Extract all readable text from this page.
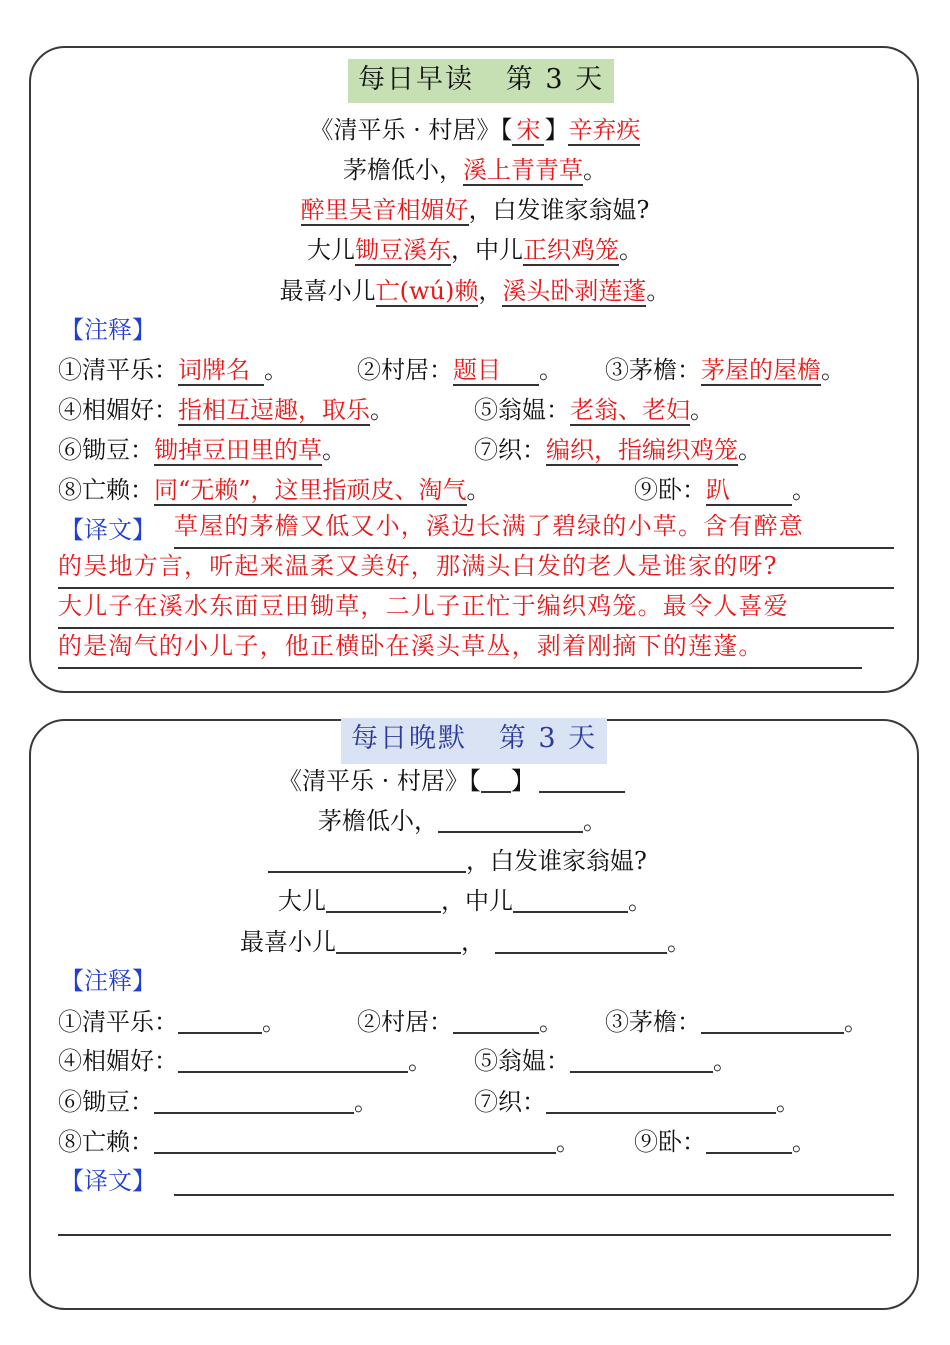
每日早读   第 3 天
《清平乐 · 村居》【 宋 】辛弃疾
茅檐低小，溪上青青草。
醉里吴音相媚好，白发谁家翁媪?
大儿锄豆溪东，中儿正织鸡笼。
最喜小儿亡(wú)赖，溪头卧剥莲蓬。
【注释】
①清平乐：词牌名 。	②村居：题目 。 ③茅檐：茅屋的屋檐。
④相媚好：指相互逗趣，取乐。	⑤翁媪：老翁、老妇。
⑥锄豆：锄掉豆田里的草。	⑦织：编织，指编织鸡笼。
⑧亡赖：同“无赖”，这里指顽皮、淘气。	⑨卧：趴	。
【译文】 草屋的茅檐又低又小，溪边长满了碧绿的小草。含有醉意
的吴地方言，听起来温柔又美好，那满头白发的老人是谁家的呀?
大儿子在溪水东面豆田锄草，二儿子正忙于编织鸡笼。最令人喜爱
的是淘气的小儿子，他正横卧在溪头草丛，剥着刚摘下的莲蓬。
每日晚默   第 3 天
《清平乐 · 村居》【 】
茅檐低小，	。
，白发谁家翁媪?
大儿	，中儿	。
最喜小儿	，	。
【注释】
①清平乐：	。	②村居：	。 ③茅檐：	。
④相媚好：	。 ⑤翁媪：	。
⑥锄豆：	。	⑦织：	。
⑧亡赖：	。 ⑨卧：	。
【译文】
